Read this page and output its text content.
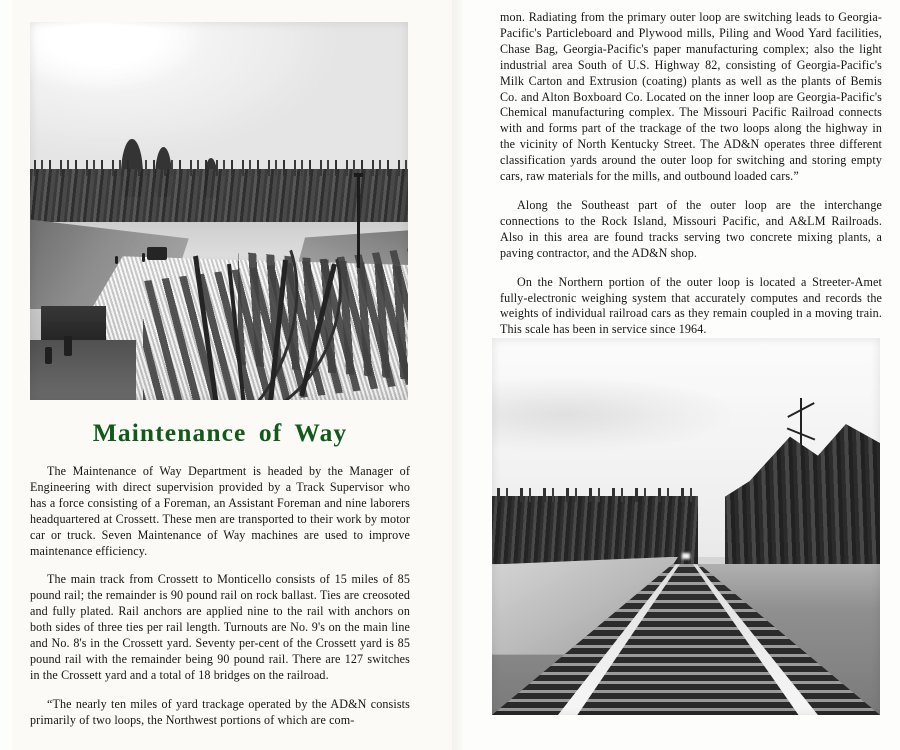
Maintenance of Way

The Maintenance of Way Department is headed by the Manager of Engineering with direct supervision provided by a Track Supervisor who has a force consisting of a Foreman, an Assistant Foreman and nine laborers headquartered at Crossett. These men are transported to their work by motor car or truck. Seven Maintenance of Way machines are used to improve maintenance efficiency.

The main track from Crossett to Monticello consists of 15 miles of 85 pound rail; the remainder is 90 pound rail on rock ballast. Ties are creosoted and fully plated. Rail anchors are applied nine to the rail with anchors on both sides of three ties per rail length. Turnouts are No. 9's on the main line and No. 8's in the Crossett yard. Seventy per-cent of the Crossett yard is 85 pound rail with the remainder being 90 pound rail. There are 127 switches in the Crossett yard and a total of 18 bridges on the railroad.

“The nearly ten miles of yard trackage operated by the AD&N consists primarily of two loops, the Northwest portions of which are com-

mon. Radiating from the primary outer loop are switching leads to Georgia-Pacific's Particleboard and Plywood mills, Piling and Wood Yard facilities, Chase Bag, Georgia-Pacific's paper manufacturing complex; also the light industrial area South of U.S. Highway 82, consisting of Georgia-Pacific's Milk Carton and Extrusion (coating) plants as well as the plants of Bemis Co. and Alton Boxboard Co. Located on the inner loop are Georgia-Pacific's Chemical manufacturing complex. The Missouri Pacific Railroad connects with and forms part of the trackage of the two loops along the highway in the vicinity of North Kentucky Street. The AD&N operates three different classification yards around the outer loop for switching and storing empty cars, raw materials for the mills, and outbound loaded cars.”

Along the Southeast part of the outer loop are the interchange connections to the Rock Island, Missouri Pacific, and A&LM Railroads. Also in this area are found tracks serving two concrete mixing plants, a paving contractor, and the AD&N shop.

On the Northern portion of the outer loop is located a Streeter-Amet fully-electronic weighing system that accurately computes and records the weights of individual railroad cars as they remain coupled in a moving train. This scale has been in service since 1964.
